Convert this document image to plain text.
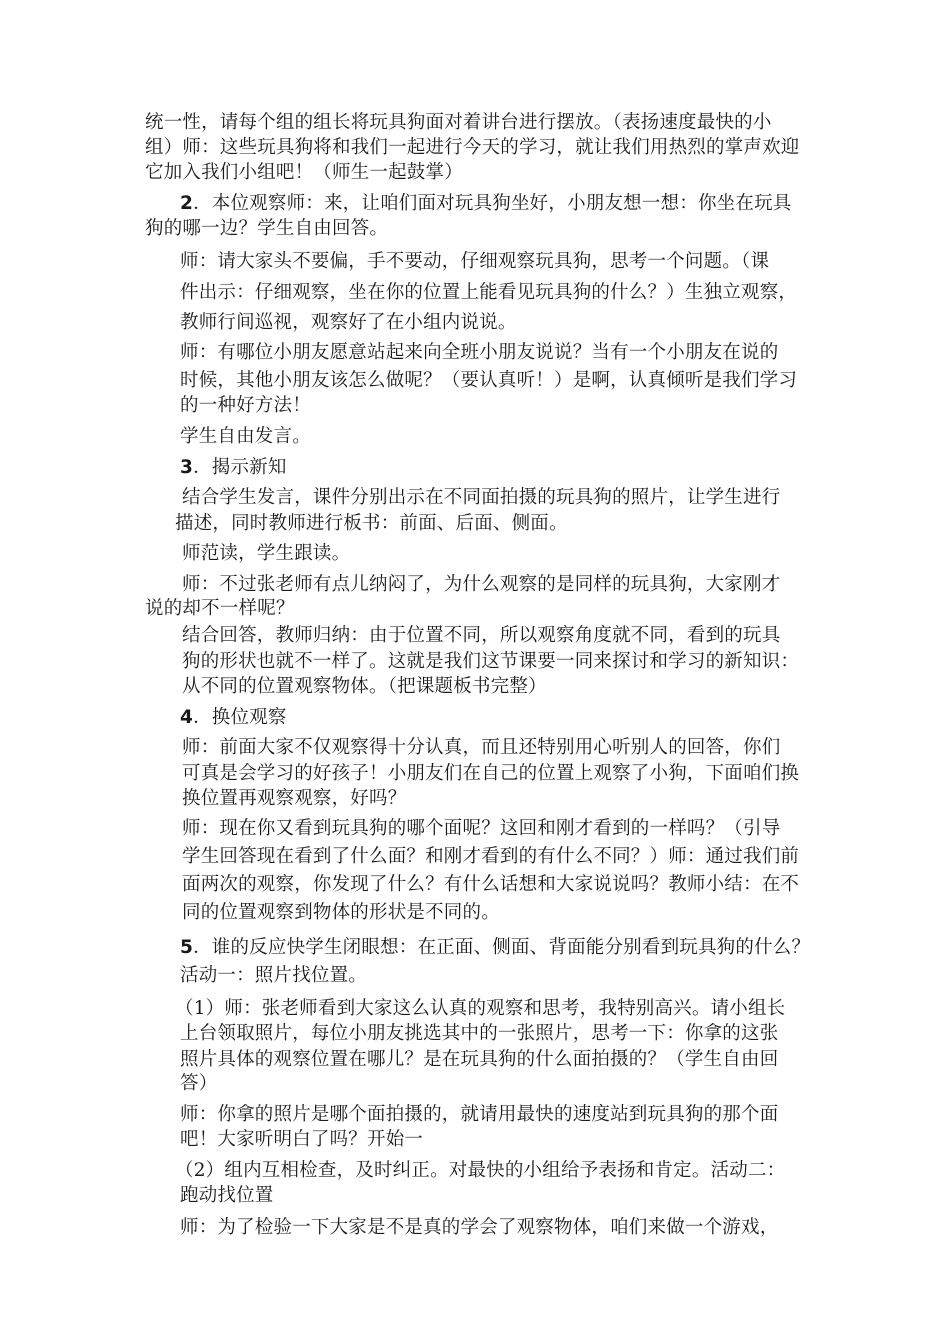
统一性，请每个组的组长将玩具狗面对着讲台进行摆放。（表扬速度最快的小
组）师：这些玩具狗将和我们一起进行今天的学习，就让我们用热烈的掌声欢迎
它加入我们小组吧！（师生一起鼓掌）
2．本位观察师：来，让咱们面对玩具狗坐好，小朋友想一想：你坐在玩具
狗的哪一边？学生自由回答。
师：请大家头不要偏，手不要动，仔细观察玩具狗，思考一个问题。（课
件出示：仔细观察，坐在你的位置上能看见玩具狗的什么？）生独立观察，
教师行间巡视，观察好了在小组内说说。
师：有哪位小朋友愿意站起来向全班小朋友说说？当有一个小朋友在说的
时候，其他小朋友该怎么做呢？（要认真听！）是啊，认真倾听是我们学习
的一种好方法！
学生自由发言。
3．揭示新知
结合学生发言，课件分别出示在不同面拍摄的玩具狗的照片，让学生进行
描述，同时教师进行板书：前面、后面、侧面。
师范读，学生跟读。
师：不过张老师有点儿纳闷了，为什么观察的是同样的玩具狗，大家刚才
说的却不一样呢？
结合回答，教师归纳：由于位置不同，所以观察角度就不同，看到的玩具
狗的形状也就不一样了。这就是我们这节课要一同来探讨和学习的新知识：
从不同的位置观察物体。（把课题板书完整）
4．换位观察
师：前面大家不仅观察得十分认真，而且还特别用心听别人的回答，你们
可真是会学习的好孩子！小朋友们在自己的位置上观察了小狗，下面咱们换
换位置再观察观察，好吗？
师：现在你又看到玩具狗的哪个面呢？这回和刚才看到的一样吗？（引导
学生回答现在看到了什么面？和刚才看到的有什么不同？）师：通过我们前
面两次的观察，你发现了什么？有什么话想和大家说说吗？教师小结：在不
同的位置观察到物体的形状是不同的。
5．谁的反应快学生闭眼想：在正面、侧面、背面能分别看到玩具狗的什么？
活动一：照片找位置。
（1）师：张老师看到大家这么认真的观察和思考，我特别高兴。请小组长
上台领取照片，每位小朋友挑选其中的一张照片，思考一下：你拿的这张
照片具体的观察位置在哪儿？是在玩具狗的什么面拍摄的？（学生自由回
答）
师：你拿的照片是哪个面拍摄的，就请用最快的速度站到玩具狗的那个面
吧！大家听明白了吗？开始一
（2）组内互相检查，及时纠正。对最快的小组给予表扬和肯定。活动二：
跑动找位置
师：为了检验一下大家是不是真的学会了观察物体，咱们来做一个游戏，
